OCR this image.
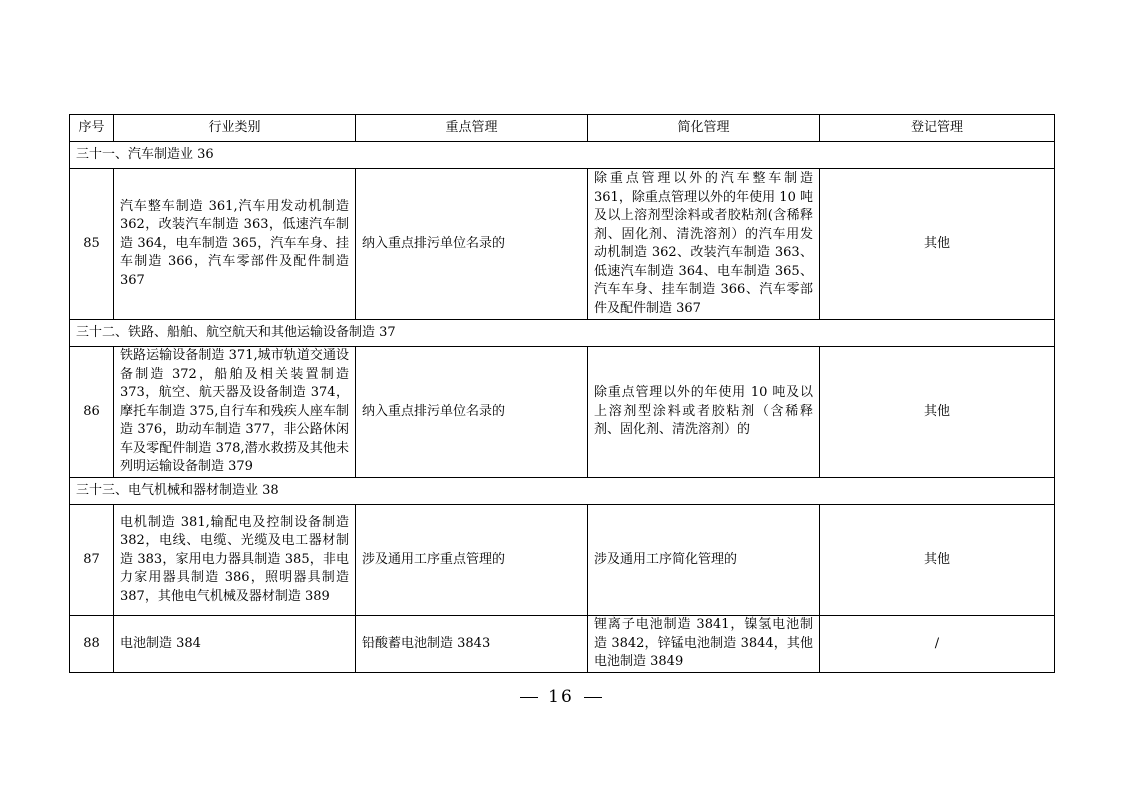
序号	行业类别	重点管理	简化管理	登记管理
三十一、汽车制造业 36				
85	汽车整车制造 361,汽车用发动机制造 362，改装汽车制造 363，低速汽车制造 364，电车制造 365，汽车车身、挂车制造 366，汽车零部件及配件制造 367	纳入重点排污单位名录的	除重点管理以外的汽车整车制造 361，除重点管理以外的年使用 10 吨及以上溶剂型涂料或者胶粘剂(含稀释剂、固化剂、清洗溶剂）的汽车用发动机制造 362、改装汽车制造 363、低速汽车制造 364、电车制造 365、汽车车身、挂车制造 366、汽车零部件及配件制造 367	其他
三十二、铁路、船舶、航空航天和其他运输设备制造 37				
86	铁路运输设备制造 371,城市轨道交通设备制造 372，船舶及相关装置制造 373，航空、航天器及设备制造 374，摩托车制造 375,自行车和残疾人座车制造 376，助动车制造 377，非公路休闲车及零配件制造 378,潜水救捞及其他未列明运输设备制造 379	纳入重点排污单位名录的	除重点管理以外的年使用 10 吨及以上溶剂型涂料或者胶粘剂（含稀释剂、固化剂、清洗溶剂）的	其他
三十三、电气机械和器材制造业 38				
87	电机制造 381,输配电及控制设备制造 382，电线、电缆、光缆及电工器材制造 383，家用电力器具制造 385，非电力家用器具制造 386，照明器具制造 387，其他电气机械及器材制造 389	涉及通用工序重点管理的	涉及通用工序简化管理的	其他
88	电池制造 384	铅酸蓄电池制造 3843	锂离子电池制造 3841，镍氢电池制造 3842，锌锰电池制造 3844，其他电池制造 3849	/
16
